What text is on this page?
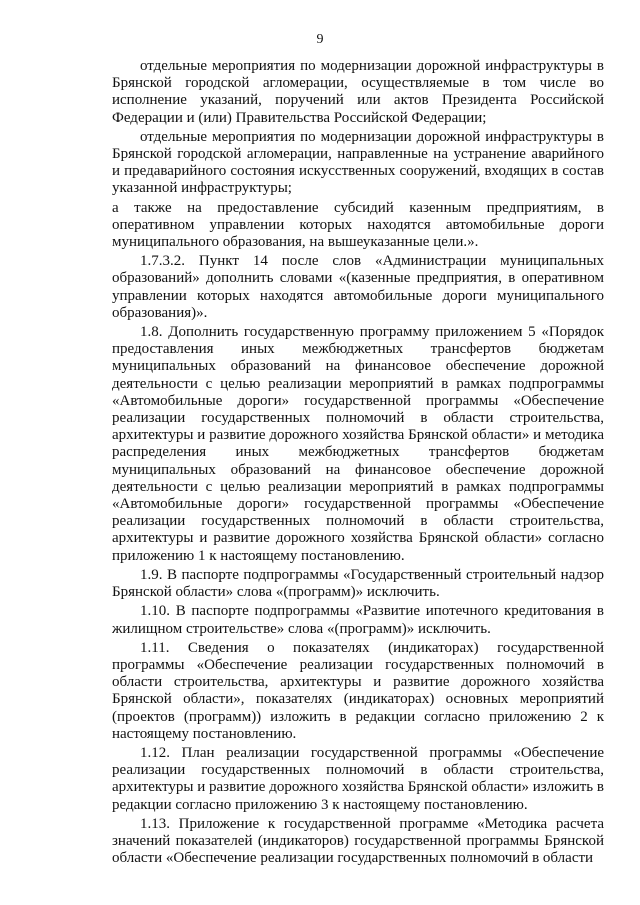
9

отдельные мероприятия по модернизации дорожной инфраструктуры в Брянской городской агломерации, осуществляемые в том числе во исполнение указаний, поручений или актов Президента Российской Федерации и (или) Правительства Российской Федерации;

отдельные мероприятия по модернизации дорожной инфраструктуры в Брянской городской агломерации, направленные на устранение аварийного и предаварийного состояния искусственных сооружений, входящих в состав указанной инфраструктуры;

а также на предоставление субсидий казенным предприятиям, в оперативном управлении которых находятся автомобильные дороги муниципального образования, на вышеуказанные цели.».

1.7.3.2. Пункт 14 после слов «Администрации муниципальных образований» дополнить словами «(казенные предприятия, в оперативном управлении которых находятся автомобильные дороги муниципального образования)».

1.8. Дополнить государственную программу приложением 5 «Порядок предоставления иных межбюджетных трансфертов бюджетам муниципальных образований на финансовое обеспечение дорожной деятельности с целью реализации мероприятий в рамках подпрограммы «Автомобильные дороги» государственной программы «Обеспечение реализации государственных полномочий в области строительства, архитектуры и развитие дорожного хозяйства Брянской области» и методика распределения иных межбюджетных трансфертов бюджетам муниципальных образований на финансовое обеспечение дорожной деятельности с целью реализации мероприятий в рамках подпрограммы «Автомобильные дороги» государственной программы «Обеспечение реализации государственных полномочий в области строительства, архитектуры и развитие дорожного хозяйства Брянской области» согласно приложению 1 к настоящему постановлению.

1.9. В паспорте подпрограммы «Государственный строительный надзор Брянской области» слова «(программ)» исключить.

1.10. В паспорте подпрограммы «Развитие ипотечного кредитования в жилищном строительстве» слова «(программ)» исключить.

1.11. Сведения о показателях (индикаторах) государственной программы «Обеспечение реализации государственных полномочий в области строительства, архитектуры и развитие дорожного хозяйства Брянской области», показателях (индикаторах) основных мероприятий (проектов (программ)) изложить в редакции согласно приложению 2 к настоящему постановлению.

1.12. План реализации государственной программы «Обеспечение реализации государственных полномочий в области строительства, архитектуры и развитие дорожного хозяйства Брянской области» изложить в редакции согласно приложению 3 к настоящему постановлению.

1.13. Приложение к государственной программе «Методика расчета значений показателей (индикаторов) государственной программы Брянской области «Обеспечение реализации государственных полномочий в области
